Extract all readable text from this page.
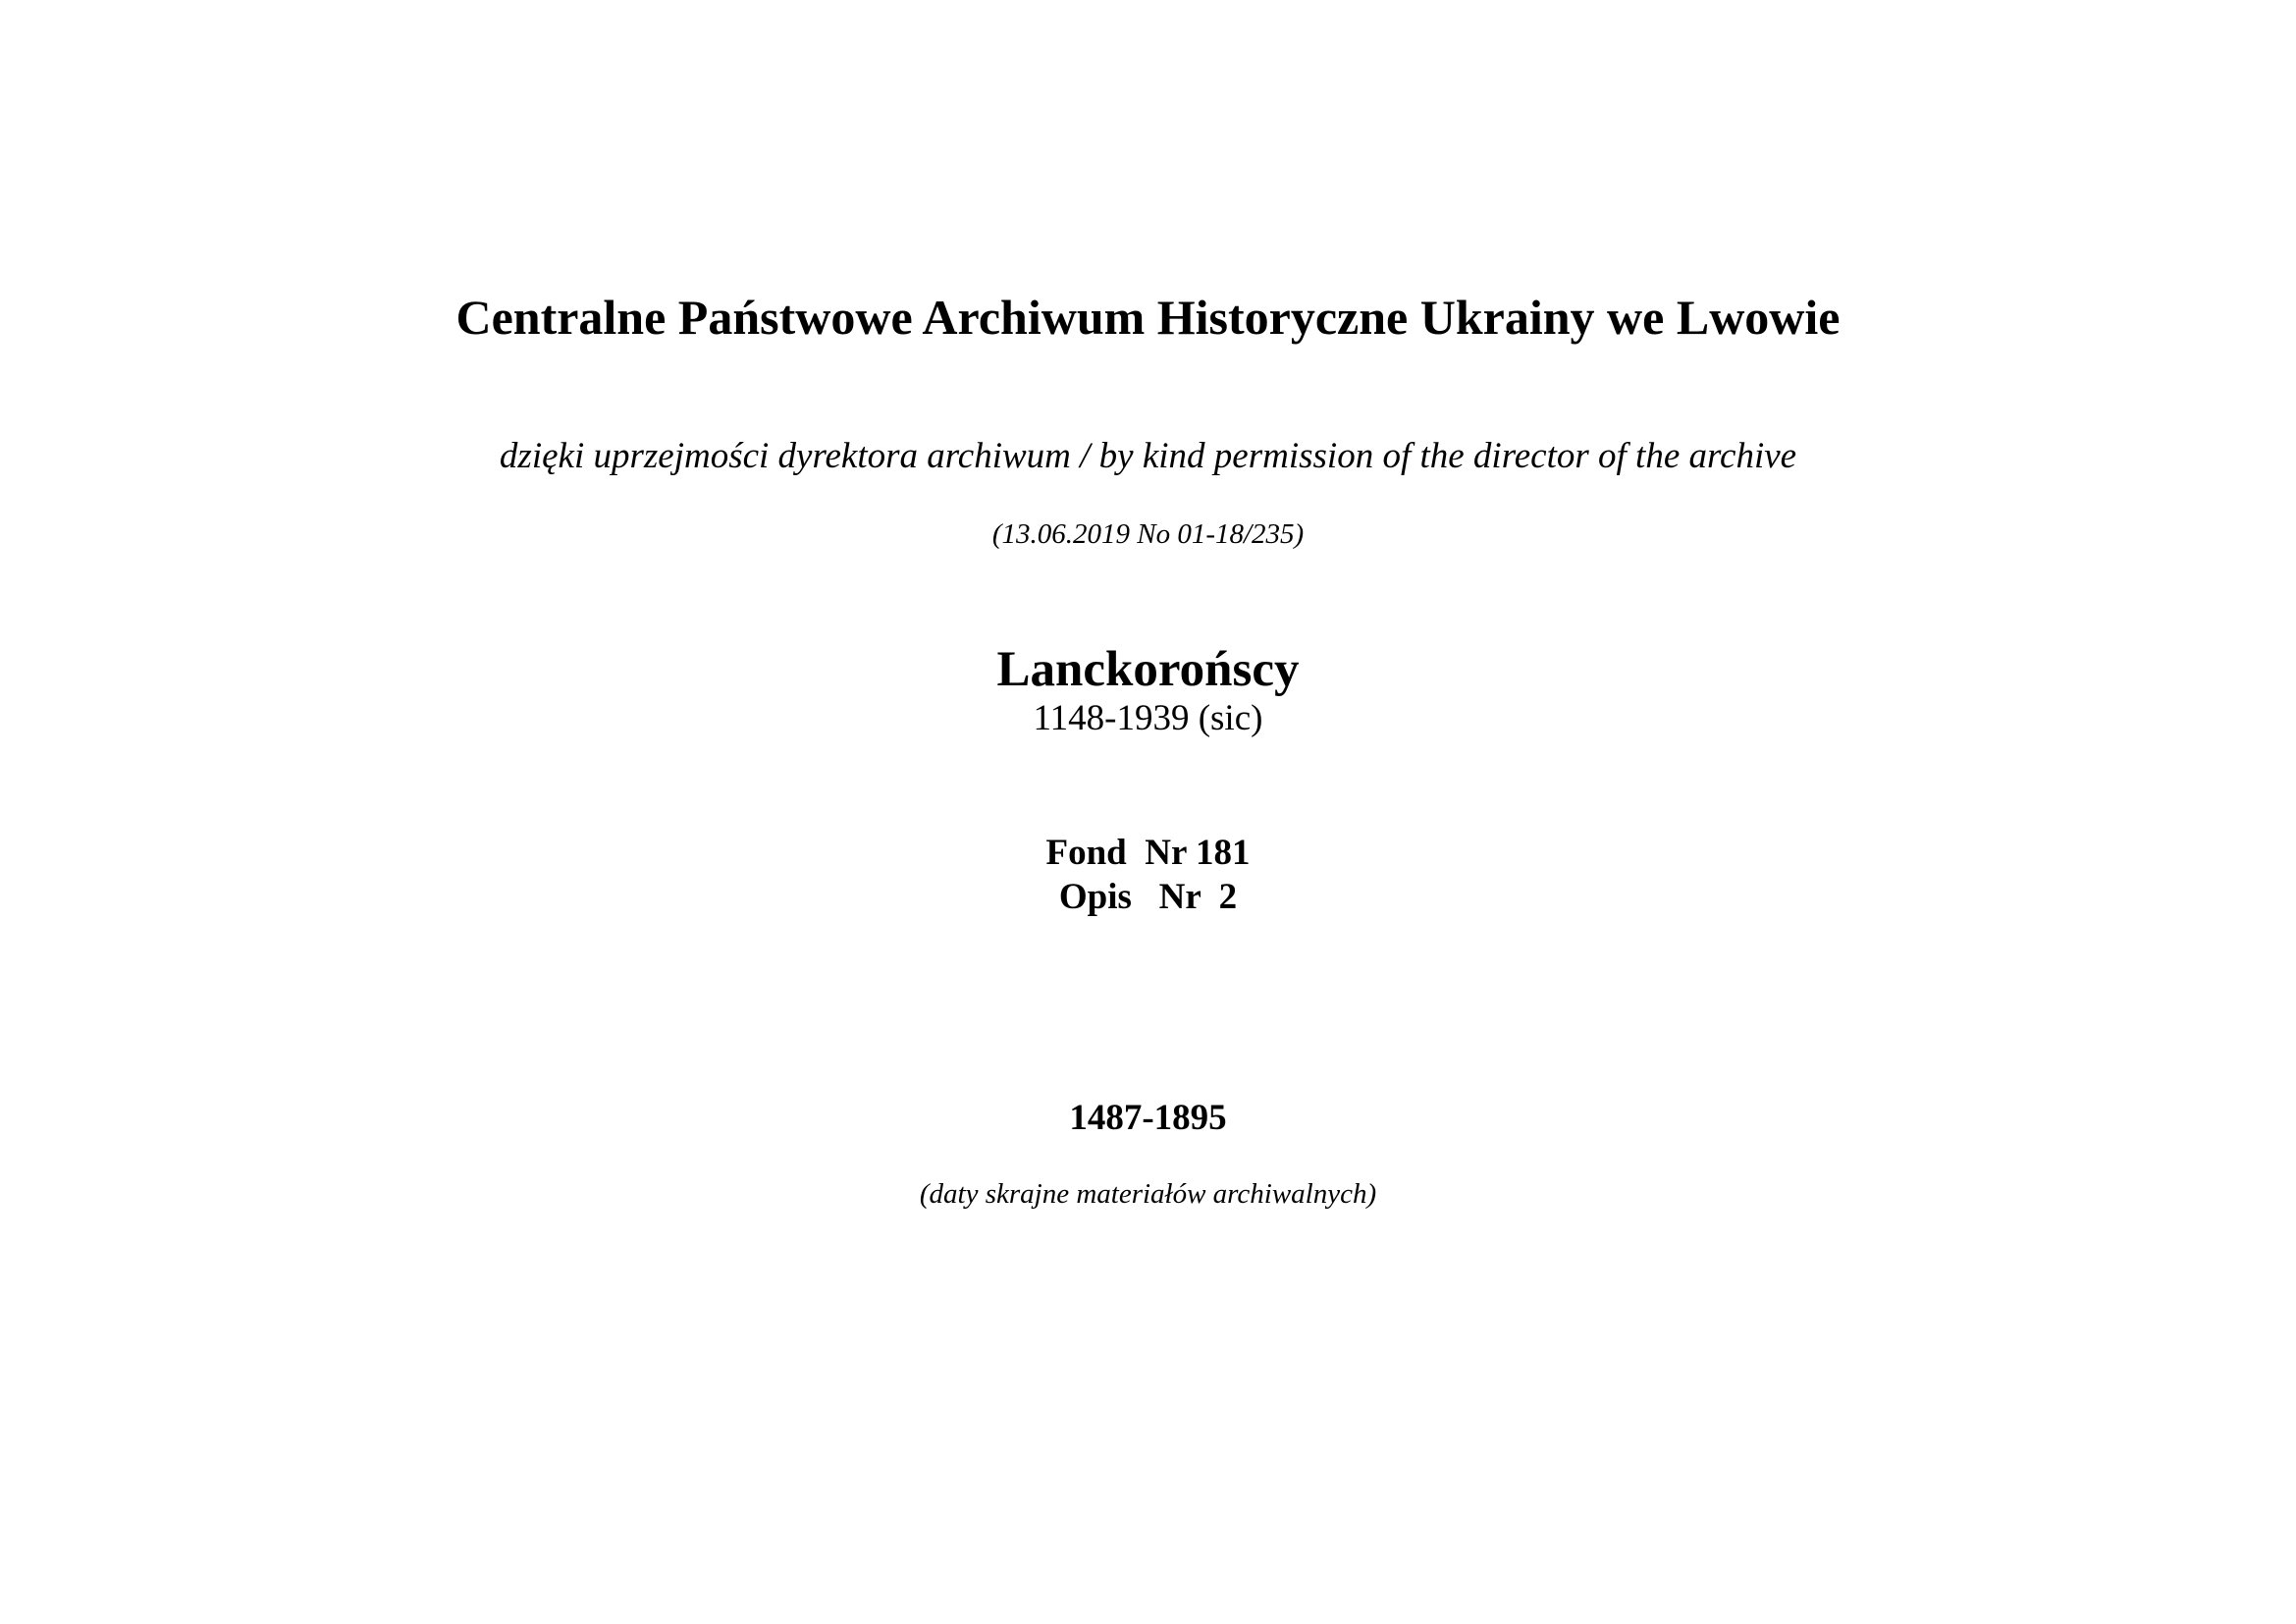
Centralne Państwowe Archiwum Historyczne Ukrainy we Lwowie
dzięki uprzejmości dyrektora archiwum / by kind permission of the director of the archive
(13.06.2019 No 01-18/235)
Lanckorońscy
1148-1939 (sic)
Fond  Nr 181
Opis   Nr  2
1487-1895
(daty skrajne materiałów archiwalnych)
